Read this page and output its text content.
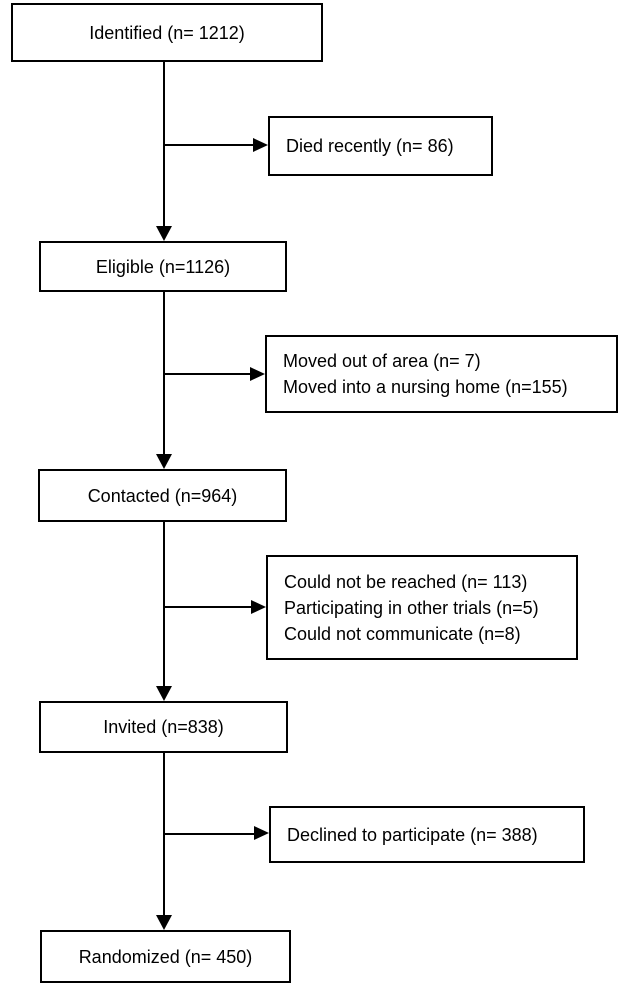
Identified (n= 1212)
Eligible (n=1126)
Contacted (n=964)
Invited (n=838)
Randomized (n= 450)
Died recently (n= 86)
Moved out of area (n= 7)
Moved into a nursing home (n=155)
Could not be reached (n= 113)
Participating in other trials (n=5)
Could not communicate (n=8)
Declined to participate (n= 388)
